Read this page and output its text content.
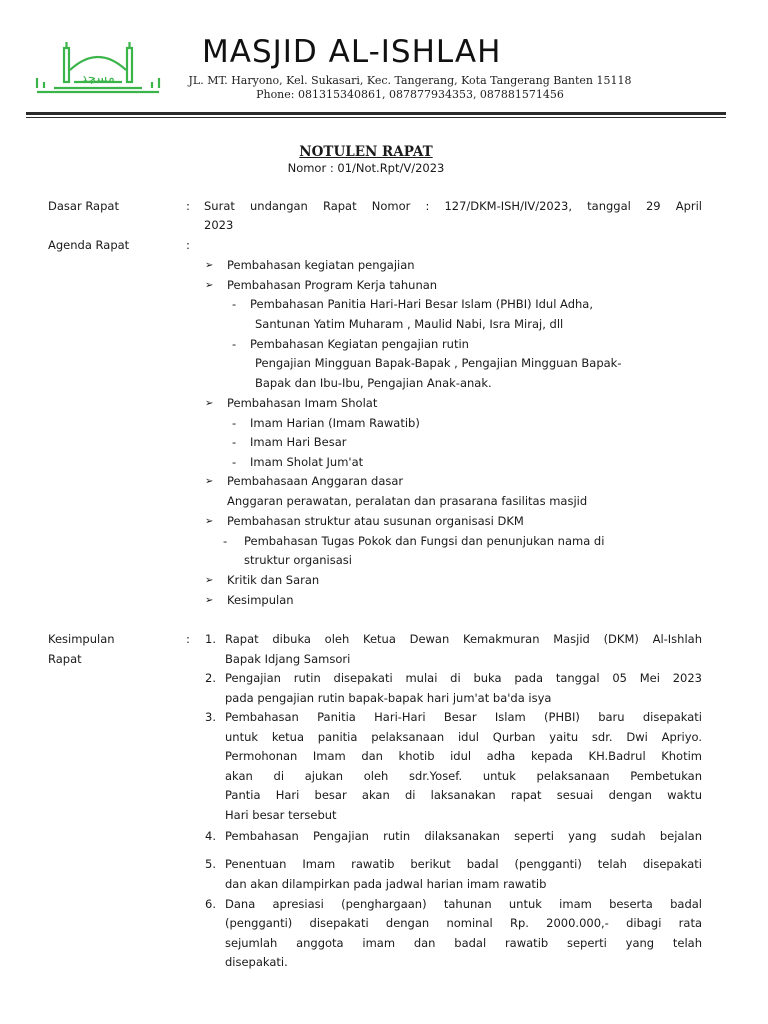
مسجد
MASJID AL-ISHLAH
JL. MT. Haryono, Kel. Sukasari, Kec. Tangerang, Kota Tangerang Banten 15118
Phone: 081315340861, 087877934353, 087881571456
NOTULEN RAPAT
Nomor : 01/Not.Rpt/V/2023
Dasar Rapat	: Surat undangan Rapat Nomor : 127/DKM-ISH/IV/2023, tanggal 29 April
2023
Agenda Rapat	:
➢ Pembahasan kegiatan pengajian
➢ Pembahasan Program Kerja tahunan
- Pembahasan Panitia Hari-Hari Besar Islam (PHBI) Idul Adha,
Santunan Yatim Muharam , Maulid Nabi, Isra Miraj, dll
- Pembahasan Kegiatan pengajian rutin
Pengajian Mingguan Bapak-Bapak , Pengajian Mingguan Bapak-
Bapak dan Ibu-Ibu, Pengajian Anak-anak.
➢ Pembahasan Imam Sholat
- Imam Harian (Imam Rawatib)
- Imam Hari Besar
- Imam Sholat Jum'at
➢ Pembahasaan Anggaran dasar
Anggaran perawatan, peralatan dan prasarana fasilitas masjid
➢ Pembahasan struktur atau susunan organisasi DKM
- Pembahasan Tugas Pokok dan Fungsi dan penunjukan nama di
struktur organisasi
➢ Kritik dan Saran
➢ Kesimpulan
Kesimpulan
Rapat
: 1. Rapat dibuka oleh Ketua Dewan Kemakmuran Masjid (DKM) Al-Ishlah
Bapak Idjang Samsori
2. Pengajian rutin disepakati mulai di buka pada tanggal 05 Mei 2023
pada pengajian rutin bapak-bapak hari jum'at ba'da isya
3. Pembahasan Panitia Hari-Hari Besar Islam (PHBI) baru disepakati
untuk ketua panitia pelaksanaan idul Qurban yaitu sdr. Dwi Apriyo.
Permohonan Imam dan khotib idul adha kepada KH.Badrul Khotim
akan di ajukan oleh sdr.Yosef. untuk pelaksanaan Pembetukan
Pantia Hari besar akan di laksanakan rapat sesuai dengan waktu
Hari besar tersebut
4. Pembahasan Pengajian rutin dilaksanakan seperti yang sudah bejalan
5. Penentuan Imam rawatib berikut badal (pengganti) telah disepakati
dan akan dilampirkan pada jadwal harian imam rawatib
6. Dana apresiasi (penghargaan) tahunan untuk imam beserta badal
(pengganti) disepakati dengan nominal Rp. 2000.000,- dibagi rata
sejumlah anggota imam dan badal rawatib seperti yang telah
disepakati.
